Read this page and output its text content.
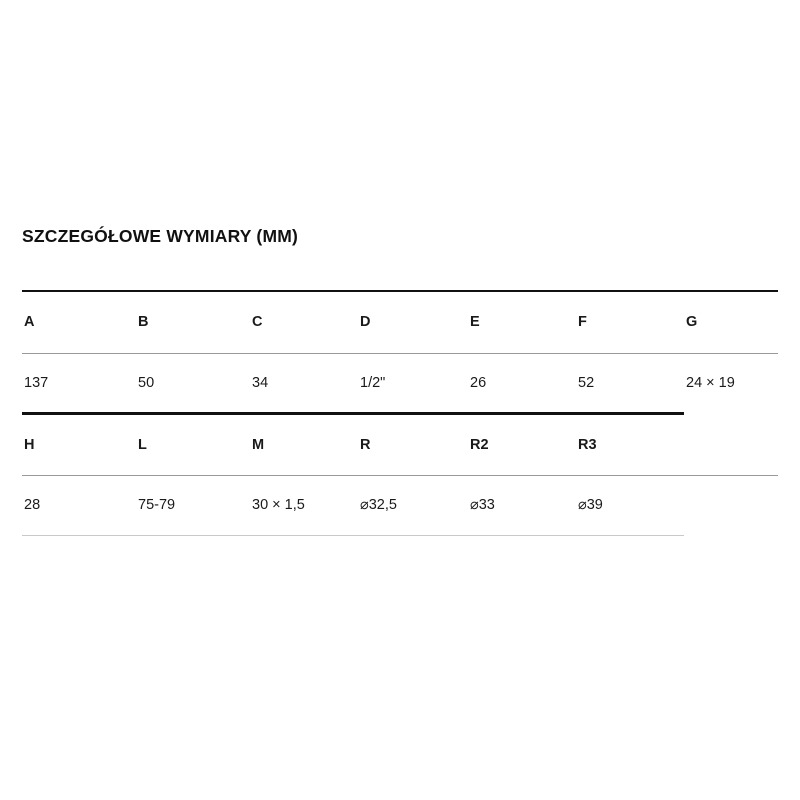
SZCZEGÓŁOWE WYMIARY (MM)
A	B	C	D	E	F	G

137	50	34	1/2"	26	52	24 × 19

H	L	M	R	R2	R3	

28	75-79	30 × 1,5	⌀32,5	⌀33	⌀39	
